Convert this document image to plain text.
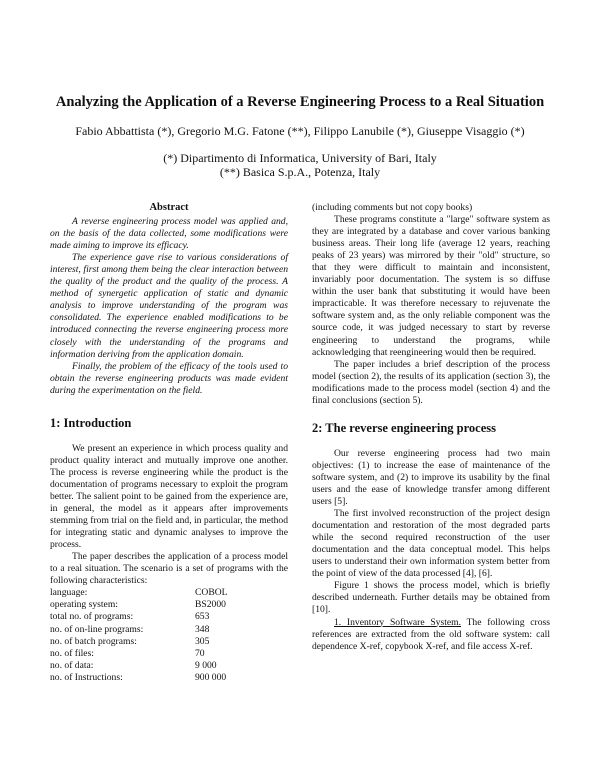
Analyzing the Application of a Reverse Engineering Process to a Real Situation
Fabio Abbattista (*), Gregorio M.G. Fatone (**), Filippo Lanubile (*), Giuseppe Visaggio (*)
(*) Dipartimento di Informatica, University of Bari, Italy
(**) Basica S.p.A., Potenza, Italy
Abstract

A reverse engineering process model was applied and, on the basis of the data collected, some modifications were made aiming to improve its efficacy.

The experience gave rise to various considerations of interest, first among them being the clear interaction between the quality of the product and the quality of the process. A method of synergetic application of static and dynamic analysis to improve understanding of the program was consolidated. The experience enabled modifications to be introduced connecting the reverse engineering process more closely with the understanding of the programs and information deriving from the application domain.

Finally, the problem of the efficacy of the tools used to obtain the reverse engineering products was made evident during the experimentation on the field.

1: Introduction

We present an experience in which process quality and product quality interact and mutually improve one another. The process is reverse engineering while the product is the documentation of programs necessary to exploit the program better. The salient point to be gained from the experience are, in general, the model as it appears after improvements stemming from trial on the field and, in particular, the method for integrating static and dynamic analyses to improve the process.

The paper describes the application of a process model to a real situation. The scenario is a set of programs with the following characteristics:

language:	COBOL
operating system:	BS2000
total no. of programs:	653
no. of on-line programs:	348
no. of batch programs:	305
no. of files:	70
no. of data:	9 000
no. of Instructions:	900 000

(including comments but not copy books)

These programs constitute a "large" software system as they are integrated by a database and cover various banking business areas. Their long life (average 12 years, reaching peaks of 23 years) was mirrored by their "old" structure, so that they were difficult to maintain and inconsistent, invariably poor documentation. The system is so diffuse within the user bank that substituting it would have been impracticable. It was therefore necessary to rejuvenate the software system and, as the only reliable component was the source code, it was judged necessary to start by reverse engineering to understand the programs, while acknowledging that reengineering would then be required.

The paper includes a brief description of the process model (section 2), the results of its application (section 3), the modifications made to the process model (section 4) and the final conclusions (section 5).

2: The reverse engineering process

Our reverse engineering process had two main objectives: (1) to increase the ease of maintenance of the software system, and (2) to improve its usability by the final users and the ease of knowledge transfer among different users [5].

The first involved reconstruction of the project design documentation and restoration of the most degraded parts while the second required reconstruction of the user documentation and the data conceptual model. This helps users to understand their own information system better from the point of view of the data processed [4], [6].

Figure 1 shows the process model, which is briefly described underneath. Further details may be obtained from [10].

1. Inventory Software System. The following cross references are extracted from the old software system: call dependence X-ref, copybook X-ref, and file access X-ref.
